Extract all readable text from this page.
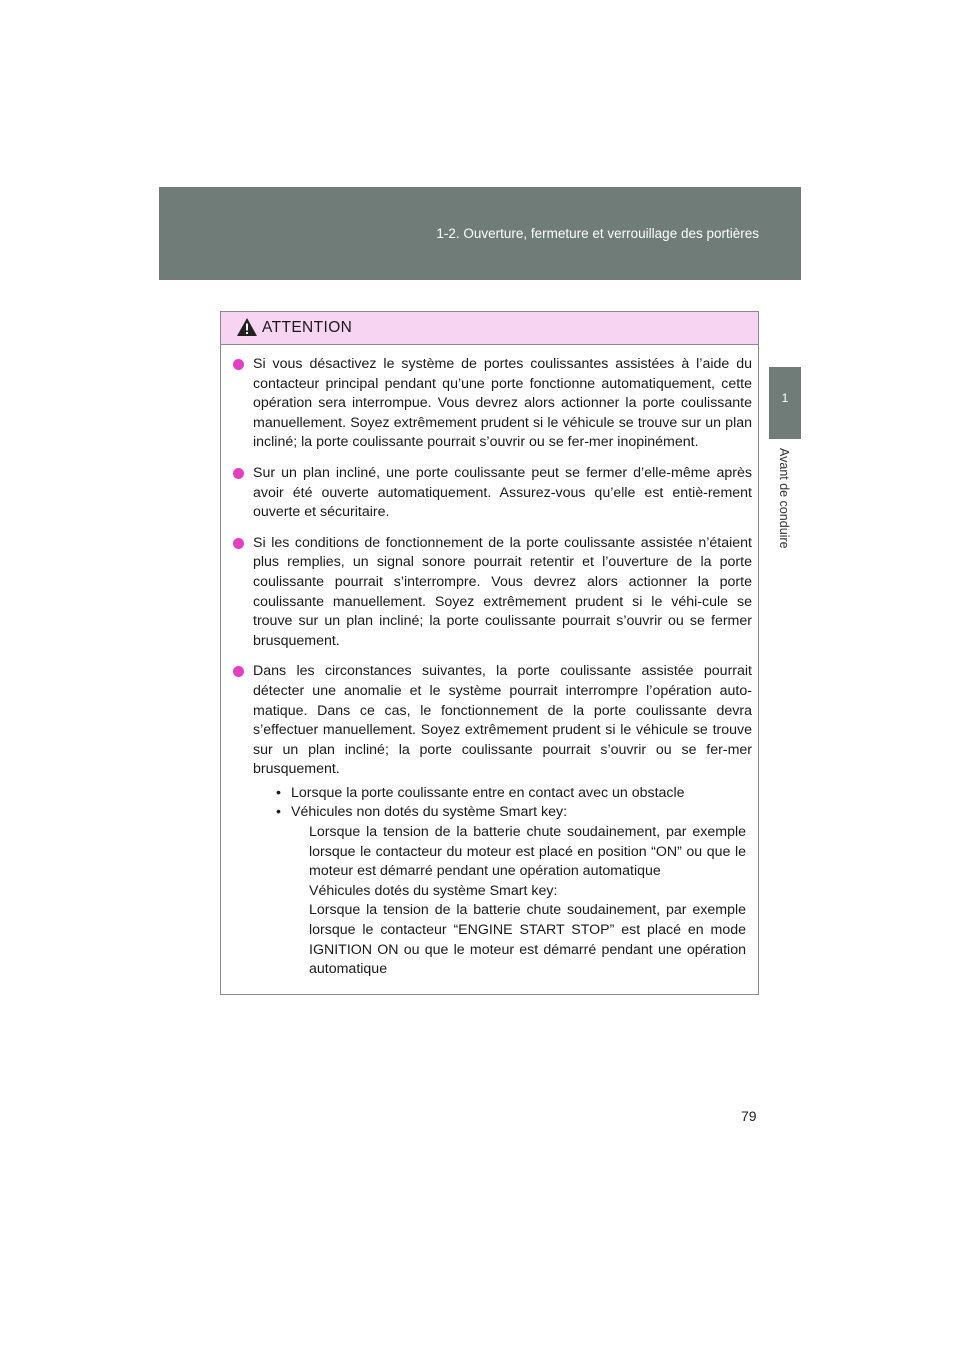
1-2. Ouverture, fermeture et verrouillage des portières
1
Avant de conduire
ATTENTION
Si vous désactivez le système de portes coulissantes assistées à l’aide du contacteur principal pendant qu’une porte fonctionne automatiquement, cette opération sera interrompue. Vous devrez alors actionner la porte coulissante manuellement. Soyez extrêmement prudent si le véhicule se trouve sur un plan incliné; la porte coulissante pourrait s’ouvrir ou se fer-mer inopinément.
Sur un plan incliné, une porte coulissante peut se fermer d’elle-même après avoir été ouverte automatiquement. Assurez-vous qu’elle est entiè-rement ouverte et sécuritaire.
Si les conditions de fonctionnement de la porte coulissante assistée n’étaient plus remplies, un signal sonore pourrait retentir et l’ouverture de la porte coulissante pourrait s’interrompre. Vous devrez alors actionner la porte coulissante manuellement. Soyez extrêmement prudent si le véhi-cule se trouve sur un plan incliné; la porte coulissante pourrait s’ouvrir ou se fermer brusquement.
Dans les circonstances suivantes, la porte coulissante assistée pourrait détecter une anomalie et le système pourrait interrompre l’opération auto-matique. Dans ce cas, le fonctionnement de la porte coulissante devra s’effectuer manuellement. Soyez extrêmement prudent si le véhicule se trouve sur un plan incliné; la porte coulissante pourrait s’ouvrir ou se fer-mer brusquement.
• Lorsque la porte coulissante entre en contact avec un obstacle
• Véhicules non dotés du système Smart key:
Lorsque la tension de la batterie chute soudainement, par exemple lorsque le contacteur du moteur est placé en position “ON” ou que le moteur est démarré pendant une opération automatique
Véhicules dotés du système Smart key:
Lorsque la tension de la batterie chute soudainement, par exemple lorsque le contacteur “ENGINE START STOP” est placé en mode IGNITION ON ou que le moteur est démarré pendant une opération automatique
79
